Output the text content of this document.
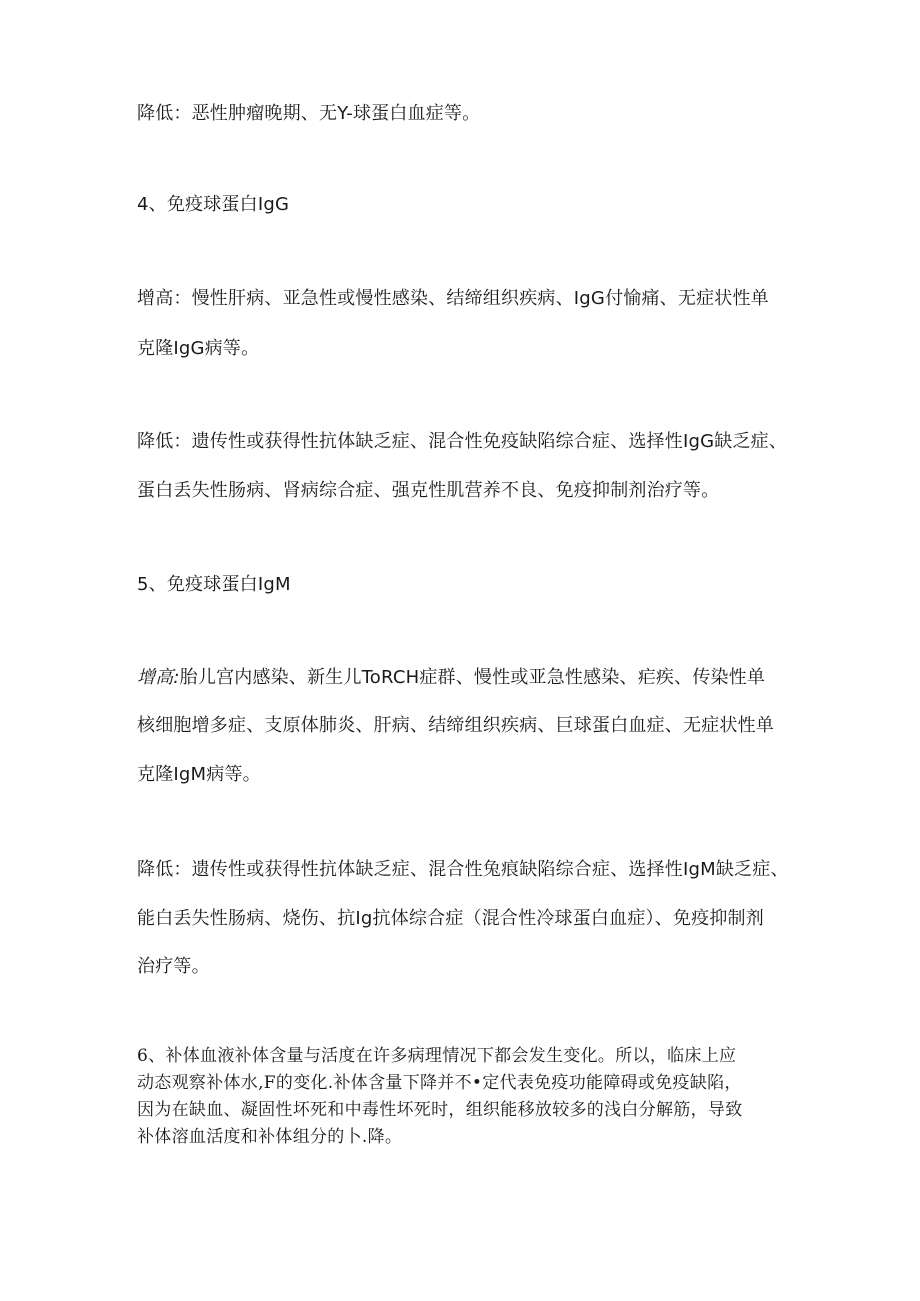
降低：恶性肿瘤晚期、无Y-球蛋白血症等。
4、免疫球蛋白IgG
增高：慢性肝病、亚急性或慢性感染、结缔组织疾病、IgG付愉痛、无症状性单
克隆IgG病等。
降低：遗传性或获得性抗体缺乏症、混合性免疫缺陷综合症、选择性IgG缺乏症、
蛋白丢失性肠病、肾病综合症、强克性肌营养不良、免疫抑制剂治疗等。
5、免疫球蛋白IgM
增高:胎儿宫内感染、新生儿ToRCH症群、慢性或亚急性感染、疟疾、传染性单
核细胞增多症、支原体肺炎、肝病、结缔组织疾病、巨球蛋白血症、无症状性单
克隆IgM病等。
降低：遗传性或获得性抗体缺乏症、混合性兔痕缺陷综合症、选择性IgM缺乏症、
能白丢失性肠病、烧伤、抗Ig抗体综合症（混合性冷球蛋白血症）、免疫抑制剂
治疗等。
6、补体血液补体含量与活度在许多病理情况下都会发生变化。所以，临床上应
动态观察补体水,F的变化.补体含量下降并不•定代表免疫功能障碍或免疫缺陷，
因为在缺血、凝固性坏死和中毒性坏死时，组织能移放较多的浅白分解筋，导致
补体溶血活度和补体组分的卜.降。
